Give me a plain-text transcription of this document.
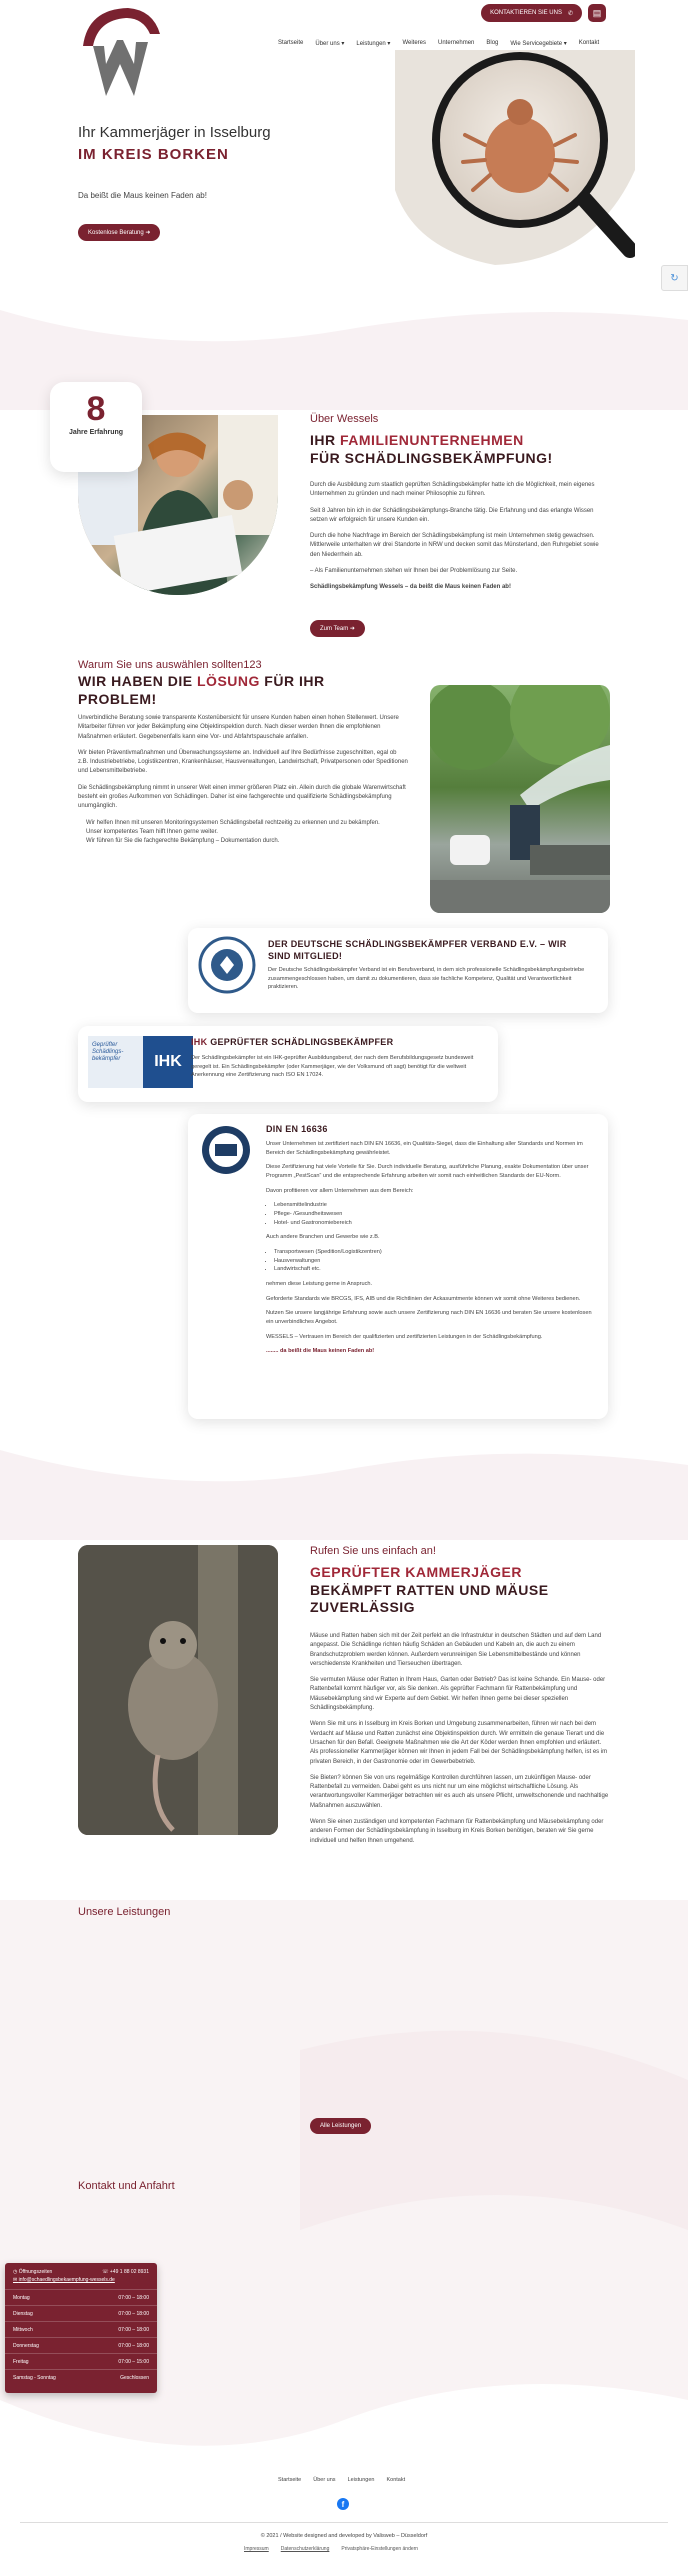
KONTAKTIEREN SIE UNS ✆	▤
Startseite Über uns ▾ Leistungen ▾ Weiteres Unternehmen Blog Wie Servicegebiete ▾ Kontakt
Ihr Kammerjäger in Isselburg
IM KREIS BORKEN
Da beißt die Maus keinen Faden ab!
Kostenlose Beratung ➜
↻
8
Jahre Erfahrung
Über Wessels
IHR FAMILIENUNTERNEHMEN
FÜR SCHÄDLINGSBEKÄMPFUNG!

Durch die Ausbildung zum staatlich geprüften Schädlingsbekämpfer hatte ich die Möglichkeit, mein eigenes Unternehmen zu gründen und nach meiner Philosophie zu führen.

Seit 8 Jahren bin ich in der Schädlingsbekämpfungs-Branche tätig. Die Erfahrung und das erlangte Wissen setzen wir erfolgreich für unsere Kunden ein.

Durch die hohe Nachfrage im Bereich der Schädlingsbekämpfung ist mein Unternehmen stetig gewachsen. Mittlerweile unterhalten wir drei Standorte in NRW und decken somit das Münsterland, den Ruhrgebiet sowie den Niederrhein ab.

– Als Familienunternehmen stehen wir Ihnen bei der Problemlösung zur Seite.

Schädlingsbekämpfung Wessels – da beißt die Maus keinen Faden ab!

Zum Team ➜
Warum Sie uns auswählen sollten123
WIR HABEN DIE LÖSUNG FÜR IHR PROBLEM!

Unverbindliche Beratung sowie transparente Kostenübersicht für unsere Kunden haben einen hohen Stellenwert. Unsere Mitarbeiter führen vor jeder Bekämpfung eine Objektinspektion durch. Nach dieser werden Ihnen die empfohlenen Maßnahmen erläutert. Gegebenenfalls kann eine Vor- und Abfahrtspauschale anfallen.

Wir bieten Präventivmaßnahmen und Überwachungssysteme an. Individuell auf Ihre Bedürfnisse zugeschnitten, egal ob z.B. Industriebetriebe, Logistikzentren, Krankenhäuser, Hausverwaltungen, Landwirtschaft, Privatpersonen oder Speditionen und Lebensmittelbetriebe.

Die Schädlingsbekämpfung nimmt in unserer Welt einen immer größeren Platz ein. Allein durch die globale Warenwirtschaft besteht ein großes Aufkommen von Schädlingen. Daher ist eine fachgerechte und qualifizierte Schädlingsbekämpfung unumgänglich.

Wir helfen Ihnen mit unseren Monitoringsystemen Schädlingsbefall rechtzeitig zu erkennen und zu bekämpfen.
Unser kompetentes Team hilft Ihnen gerne weiter.
Wir führen für Sie die fachgerechte Bekämpfung – Dokumentation durch.
DER DEUTSCHE SCHÄDLINGSBEKÄMPFER VERBAND E.V. – WIR SIND MITGLIED!
Der Deutsche Schädlingsbekämpfer Verband ist ein Berufsverband, in dem sich professionelle Schädlingsbekämpfungsbetriebe zusammengeschlossen haben, um damit zu dokumentieren, dass sie fachliche Kompetenz, Qualität und Verantwortlichkeit praktizieren.
Geprüfter Schädlings-bekämpfer	IHK
IHK GEPRÜFTER SCHÄDLINGSBEKÄMPFER
Der Schädlingsbekämpfer ist ein IHK-geprüfter Ausbildungsberuf, der nach dem Berufsbildungsgesetz bundesweit geregelt ist. Ein Schädlingsbekämpfer (oder Kammerjäger, wie der Volksmund oft sagt) benötigt für die weltweit Anerkennung eine Zertifizierung nach ISO EN 17024.
DIN EN 16636

Unser Unternehmen ist zertifiziert nach DIN EN 16636, ein Qualitäts-Siegel, dass die Einhaltung aller Standards und Normen im Bereich der Schädlingsbekämpfung gewährleistet.

Diese Zertifizierung hat viele Vorteile für Sie. Durch individuelle Beratung, ausführliche Planung, exakte Dokumentation über unser Programm „PestScan“ und die entsprechende Erfahrung arbeiten wir somit nach einheitlichen Standards der EU-Norm.

Davon profitieren vor allem Unternehmen aus dem Bereich:

• Lebensmittelindustrie
• Pflege- /Gesundheitswesen
• Hotel- und Gastronomiebereich

Auch andere Branchen und Gewerbe wie z.B.

• Transportwesen (Spedition/Logistikzentren)
• Hausverwaltungen
• Landwirtschaft etc.

nehmen diese Leistung gerne in Anspruch.

Geforderte Standards wie BRCGS, IFS, AIB und die Richtlinien der Ackasumtmente können wir somit ohne Weiteres bedienen.

Nutzen Sie unsere langjährige Erfahrung sowie auch unsere Zertifizierung nach DIN EN 16636 und beraten Sie unsere kostenlosen ein unverbindliches Angebot.

WESSELS – Vertrauen im Bereich der qualifizierten und zertifizierten Leistungen in der Schädlingsbekämpfung.

........ da beißt die Maus keinen Faden ab!

Rufen Sie uns einfach an!
GEPRÜFTER KAMMERJÄGER
BEKÄMPFT RATTEN UND MÄUSE ZUVERLÄSSIG

Mäuse und Ratten haben sich mit der Zeit perfekt an die Infrastruktur in deutschen Städten und auf dem Land angepasst. Die Schädlinge richten häufig Schäden an Gebäuden und Kabeln an, die auch zu einem Brandschutzproblem werden können. Außerdem verunreinigen Sie Lebensmittelbestände und können verschiedenste Krankheiten und Tierseuchen übertragen.

Sie vermuten Mäuse oder Ratten in Ihrem Haus, Garten oder Betrieb? Das ist keine Schande. Ein Mause- oder Rattenbefall kommt häufiger vor, als Sie denken. Als geprüfter Fachmann für Rattenbekämpfung und Mäusebekämpfung sind wir Experte auf dem Gebiet. Wir helfen Ihnen gerne bei dieser speziellen Schädlingsbekämpfung.

Wenn Sie mit uns in Isselburg im Kreis Borken und Umgebung zusammenarbeiten, führen wir nach bei dem Verdacht auf Mäuse und Ratten zunächst eine Objektinspektion durch. Wir ermitteln die genaue Tierart und die Ursachen für den Befall. Geeignete Maßnahmen wie die Art der Köder werden Ihnen empfohlen und erläutert. Als professioneller Kammerjäger können wir Ihnen in jedem Fall bei der Schädlingsbekämpfung helfen, ist es im privaten Bereich, in der Gastronomie oder im Gewerbebetrieb.

Sie Bieten? können Sie von uns regelmäßige Kontrollen durchführen lassen, um zukünftigen Mause- oder Rattenbefall zu vermeiden. Dabei geht es uns nicht nur um eine möglichst wirtschaftliche Lösung. Als verantwortungsvoller Kammerjäger betrachten wir es auch als unsere Pflicht, umweltschonende und nachhaltige Maßnahmen auszuwählen.

Wenn Sie einen zuständigen und kompetenten Fachmann für Rattenbekämpfung und Mäusebekämpfung oder anderen Formen der Schädlingsbekämpfung in Isselburg im Kreis Borken benötigen, beraten wir Sie gerne individuell und helfen Ihnen umgehend.

Unsere Leistungen
Alle Leistungen
Kontakt und Anfahrt
◷ Öffnungszeiten	☏ +49 1 88 02 8931
✉ info@schaedlingsbekaempfung-wessels.de
Montag	07:00 – 18:00
Dienstag	07:00 – 18:00
Mittwoch	07:00 – 18:00
Donnerstag	07:00 – 18:00
Freitag	07:00 – 15:00
Samstag - Sonntag	Geschlossen
Startseite Über uns Leistungen Kontakt
f
© 2021 / Website designed and developed by Valisweb – Düsseldorf
Impressum Datenschutzerklärung Privatsphäre-Einstellungen ändern
